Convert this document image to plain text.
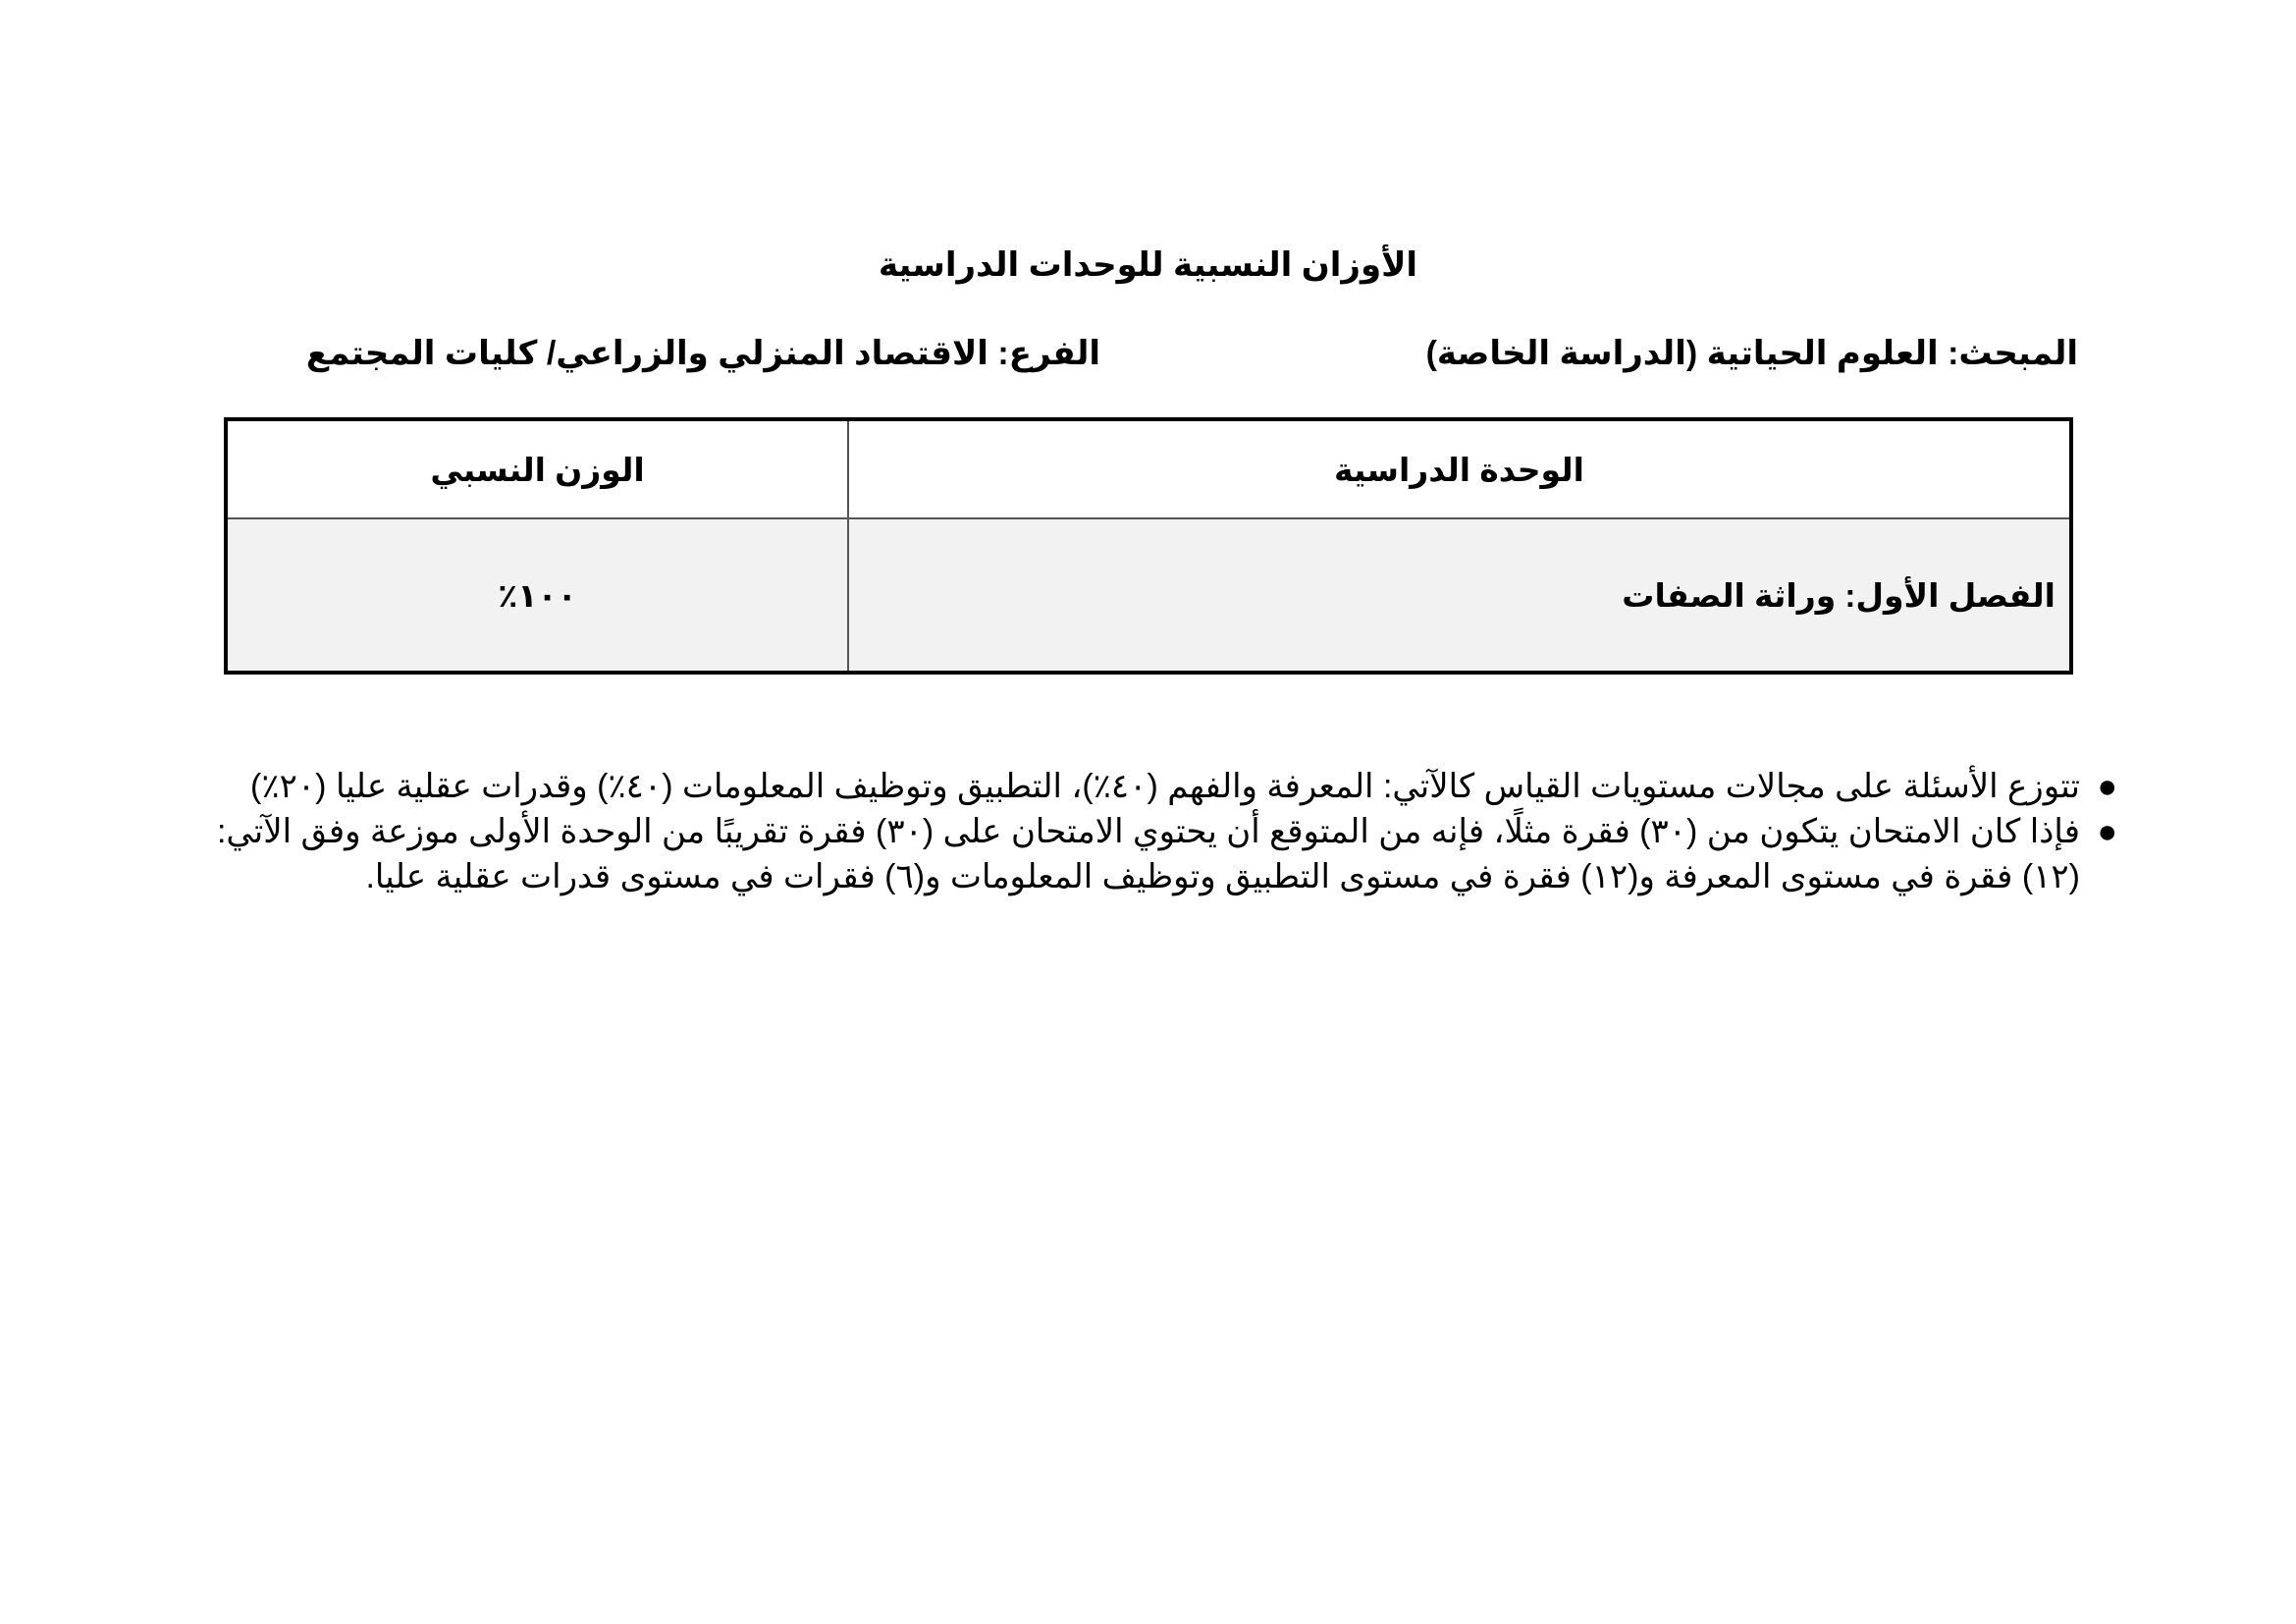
الأوزان النسبية للوحدات الدراسية
المبحث: العلوم الحياتية (الدراسة الخاصة)
الفرع: الاقتصاد المنزلي والزراعي/ كليات المجتمع
الوحدة الدراسية	الوزن النسبي
الفصل الأول: وراثة الصفات	١٠٠٪
●
تتوزع الأسئلة على مجالات مستويات القياس كالآتي: المعرفة والفهم (٤٠٪)، التطبيق وتوظيف المعلومات (٤٠٪) وقدرات عقلية عليا (٢٠٪)
●
فإذا كان الامتحان يتكون من (٣٠) فقرة مثلًا، فإنه من المتوقع أن يحتوي الامتحان على (٣٠) فقرة تقريبًا من الوحدة الأولى موزعة وفق الآتي:
(١٢) فقرة في مستوى المعرفة و(١٢) فقرة في مستوى التطبيق وتوظيف المعلومات و(٦) فقرات في مستوى قدرات عقلية عليا.
